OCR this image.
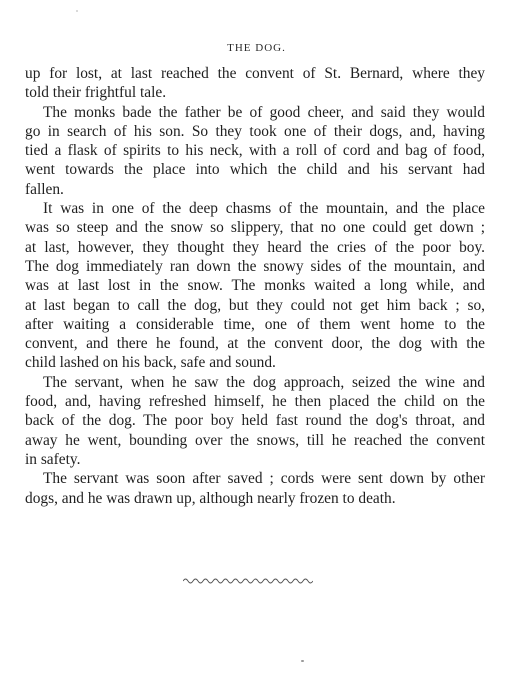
THE DOG.
up for lost, at last reached the convent of St. Bernard, where they
told their frightful tale.
The monks bade the father be of good cheer, and said they would
go in search of his son. So they took one of their dogs, and, having
tied a flask of spirits to his neck, with a roll of cord and bag of food,
went towards the place into which the child and his servant had
fallen.
It was in one of the deep chasms of the mountain, and the place
was so steep and the snow so slippery, that no one could get down ;
at last, however, they thought they heard the cries of the poor boy.
The dog immediately ran down the snowy sides of the mountain, and
was at last lost in the snow. The monks waited a long while, and
at last began to call the dog, but they could not get him back ; so,
after waiting a considerable time, one of them went home to the
convent, and there he found, at the convent door, the dog with the
child lashed on his back, safe and sound.
The servant, when he saw the dog approach, seized the wine and
food, and, having refreshed himself, he then placed the child on the
back of the dog. The poor boy held fast round the dog's throat, and
away he went, bounding over the snows, till he reached the convent
in safety.
The servant was soon after saved ; cords were sent down by other
dogs, and he was drawn up, although nearly frozen to death.
